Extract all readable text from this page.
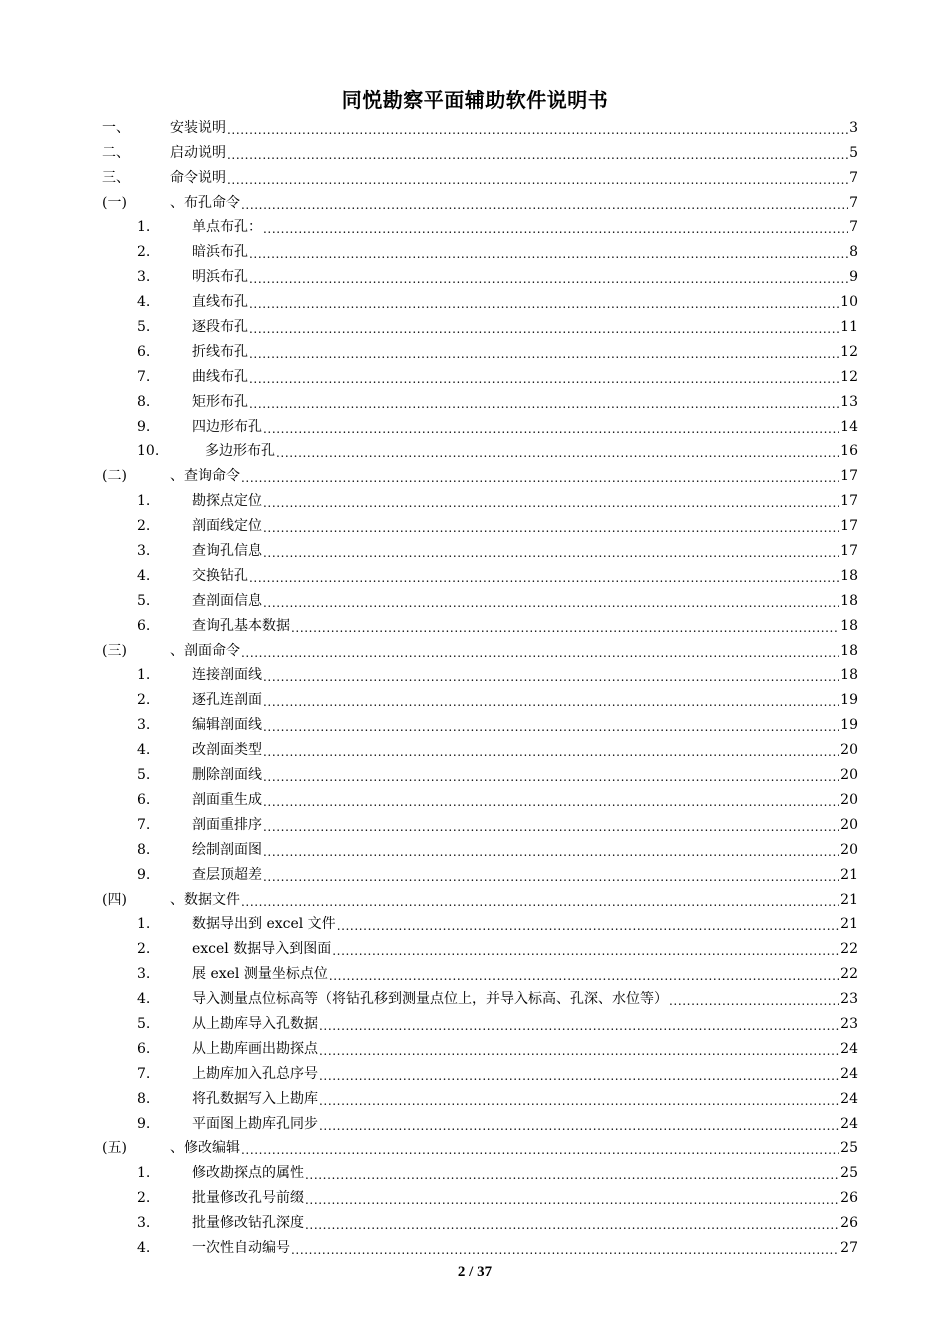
同悦勘察平面辅助软件说明书
一、	安装说明 .....	3
二、	启动说明 .....	5
三、	命令说明 .....	7
(一)	、布孔命令 .....	7
1.	单点布孔： .....	7
2.	暗浜布孔 .....	8
3.	明浜布孔 .....	9
4.	直线布孔 .....	10
5.	逐段布孔 .....	11
6.	折线布孔 .....	12
7.	曲线布孔 .....	12
8.	矩形布孔 .....	13
9.	四边形布孔 .....	14
10.	多边形布孔 .....	16
(二)	、查询命令 .....	17
1.	勘探点定位 .....	17
2.	剖面线定位 .....	17
3.	查询孔信息 .....	17
4.	交换钻孔 .....	18
5.	查剖面信息 .....	18
6.	查询孔基本数据 .....	18
(三)	、剖面命令 .....	18
1.	连接剖面线 .....	18
2.	逐孔连剖面 .....	19
3.	编辑剖面线 .....	19
4.	改剖面类型 .....	20
5.	删除剖面线 .....	20
6.	剖面重生成 .....	20
7.	剖面重排序 .....	20
8.	绘制剖面图 .....	20
9.	查层顶超差 .....	21
(四)	、数据文件 .....	21
1.	数据导出到 excel 文件 .....	21
2.	excel 数据导入到图面 .....	22
3.	展 exel 测量坐标点位 .....	22
4.	导入测量点位标高等（将钻孔移到测量点位上，并导入标高、孔深、水位等） .....	23
5.	从上勘库导入孔数据 .....	23
6.	从上勘库画出勘探点 .....	24
7.	上勘库加入孔总序号 .....	24
8.	将孔数据写入上勘库 .....	24
9.	平面图上勘库孔同步 .....	24
(五)	、修改编辑 .....	25
1.	修改勘探点的属性 .....	25
2.	批量修改孔号前缀 .....	26
3.	批量修改钻孔深度 .....	26
4.	一次性自动编号 .....	27
2 / 37
